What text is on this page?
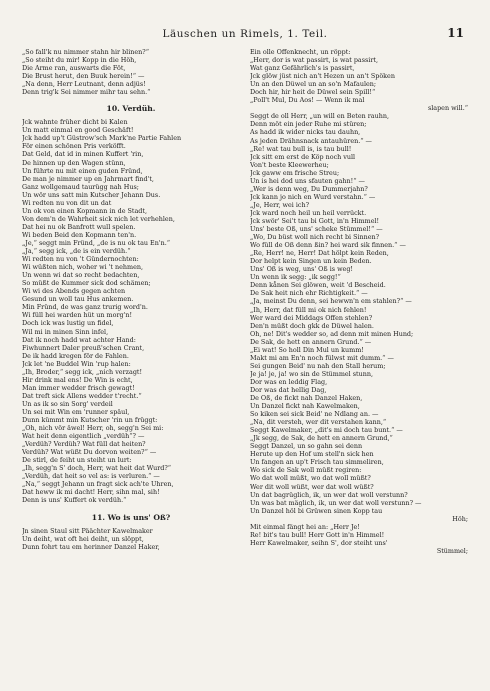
Läuschen un Rimels, 1. Teil.	11
„So fall'k nu nimmer stahn hir blinen?“
„So steiht du mir! Kopp in die Höh,
Die Arme ran, auswarts die Föt,
Die Brust herut, den Buuk herein!“ —
„Na denn, Herr Leutnant, denn adjüs!
Denn trig'k Sei nimmer mihr tau sehn.“
10. Verdüh.
Jck wahnte früher dicht bi Kalen
Un matt einmal en good Geschäft!
Jck hadd up't Güstrow'sch Mark'ne Partie Fahlen
För einen schönen Pris verköfft.
Dat Geld, dat id in minen Kuffert 'rin,
De hinnen up den Wagen stünn,
Un führte nu mit einen guden Fründ,
De man je nimmer up en Jahrmart find't,
Ganz wollgemaud taurügg nah Hus;
Un wör uns satt min Kutscher Jehann Dus.
Wi redten nu von dit un dat
Un ok von einen Kopmann in de Stadt,
Von dem'n de Wahrheit sick nich let verhehlen,
Dat hei nu ok Banfrott wull spelen.
Wi beden Beid den Kopmann ten'n.
„Je,“ seggt min Fründ, „de is nu ok tau En'n.“
„Ja,“ segg ick, „de is ein verdüh.“
Wi redten nu von 't Gündernochten:
Wi wüßten nich, woher wi 't nehmen,
Un wenn wi dat so recht bedachten,
So müßt de Kummer sick dod schämen;
Wi wi des Abends gegen achten
Gesund un woll tau Hus ankemen.
Min Fründ, de was ganz trurig word'n.
Wi füll hei warden hüt un morg'n!
Doch ick was lustig un fidel,
Wil mi in minen Sinn infel,
Dat ik noch hadd wat achter Hand:
Fiwhunnert Daler preuß'schen Crant,
De ik hadd kregen för de Fahlen.
Jck let 'ne Buddel Win 'rup halen:
„Ih, Broder,“ segg ick, „nich verzagt!
Hir drink mal ens! De Win is echt,
Man immer wedder frisch gewagt!
Dat treft sick Allens wedder t'recht.“
Un as ik so sin Sorg' verdeil
Un sei mit Win em 'runner späul,
Dunn kümmt min Kutscher 'rin un früggt:
„Oh, nich vör äwel! Herr, oh, segg'n Sei mi:
Wat heit denn eigentlich „verdüh“? —
„Verdüh? Verdüh? Wat füll dat heiten?
Verdüh? Wat wüßt Du dorvon weiten?“ —
De stirl, de feiht un steiht un lurt:
„Ih, segg'n S' doch, Herr, wat heit dat Wurd?“
„Verdüh, dat heit so vel as: is verluren.“ —
„Na,“ seggt Jehann un fragt sick ach'te Uhren,
Dat heww ik mi dacht! Herr, sihn mal, sih!
Denn is uns' Kuffert ok verdüh.“
11. Wo is uns' Oß?
Jn sinen Staul sitt Päächter Kawelmaker
Un deiht, wat oft hei deiht, un slöppt,
Dunn fohrt tau em herinner Danzel Haker,
Ein olle Offenknecht, un röppt:
„Herr, dor is wat passirt, is wat passirt,
Wat ganz Gefährlich's is passirt,
Jck glöw jüst nich an't Hezen un an't Spöken
Un an den Düwel un an so'n Mafaulen;
Doch hir, hir heit de Düwel sein Spill!“
„Poll't Mul, Du Aos! — Wenn ik mal
slapen will.“
Seggt de oll Herr, „un will en Beten rauhn,
Denn möt ein jeder Ruhe mi stüren;
As hadd ik wider nicks tau dauhn,
As jeden Drähnsnack antauhüren.“ —
„Re! wat tau bull is, is tau bull!
Jck sitt em erst de Köp noch vull
Von't beste Kleewerheu;
Jck gaww em frische Streu;
Un is hei dod uns sfauten gahn!“ —
„Wer is denn weg, Du Dummerjahn?
Jck kann jo nich en Wurd verstahn.“ —
„Je, Herr, wei ich?
Jck ward noch heil un heil verrückt.
Jck swör' Sei't tau bi Gott, in'n Himmel!
Uns' beste Oß, uns' scheke Stümmel!“ —
„Wo, Du büst woll nich recht bi Sinnen?
Wo füll de Oß denn ßin? hei ward sik finnen.“ —
„Re, Herr! ne, Herr! Dat hölpt kein Reden,
Dor helpt kein Singen un kein Beden.
Uns' Oß is weg, uns' Oß is weg!
Un wenn ik segg: „ik segg!“
Denn kånen Sei glöwen, weit 'd Bescheid.
De Sak heit nich ehr Richtigkeit.“ —
„Ja, meinst Du denn, sei hewwn'n em stahlen?“ —
„Ih, Herr, dat füll mi ok nich fehlen!
Wer ward dei Middags Offen stehlen?
Den'n müßt doch gkk de Düwel halen.
Oh, ne! Dit's wedder so, ad denn mit minen Hund;
De Sak, de hett en annern Grund.“ —
„Ei wat! So holl Din Mul un kumm!
Makt mi am En'n noch fülwst mit dumm.“ —
Sei gungen Beid' nu nah den Stall herum;
Je ja! je, ja! wo sin de Stümmel stunn,
Dor was en leddig Flag,
Dor was dat hellig Dag,
De Oß, de fickt nah Danzel Haken,
Un Danzel fickt nah Kawelmaken,
So kiken sei sick Beid' ne Ndlang an. —
„Na, dit versteh, wer dit verstahen kann,“
Seggt Kawelmaker, „dit's mi doch tau bunt.“ —
„Jk segg, de Sak, de hett en annern Grund,“
Seggt Danzel, un so gahn sei denn
Herute up den Hof um stell'n sick hen
Un fangen an up't Frisch tau simmeliren,
Wo sick de Sak woll müßt regiren:
Wo dat woll müßt, wo dat woll müßt?
Wer dit woll wüßt, wer dat woll wüßt?
Un dat bagrüglich, ik, un wer dat woll verstunn?
Un was bat mäglich, ik, un wer dat woll verstunn? —
Un Danzel höl bi Grüwen sinen Kopp tau
Höh;
Mit einmal fängt hei an: „Herr Je!
Re! bit's tau bull! Herr Gott in'n Himmel!
Herr Kawelmaker, seihn S', dor steiht uns'
Stümmel;
